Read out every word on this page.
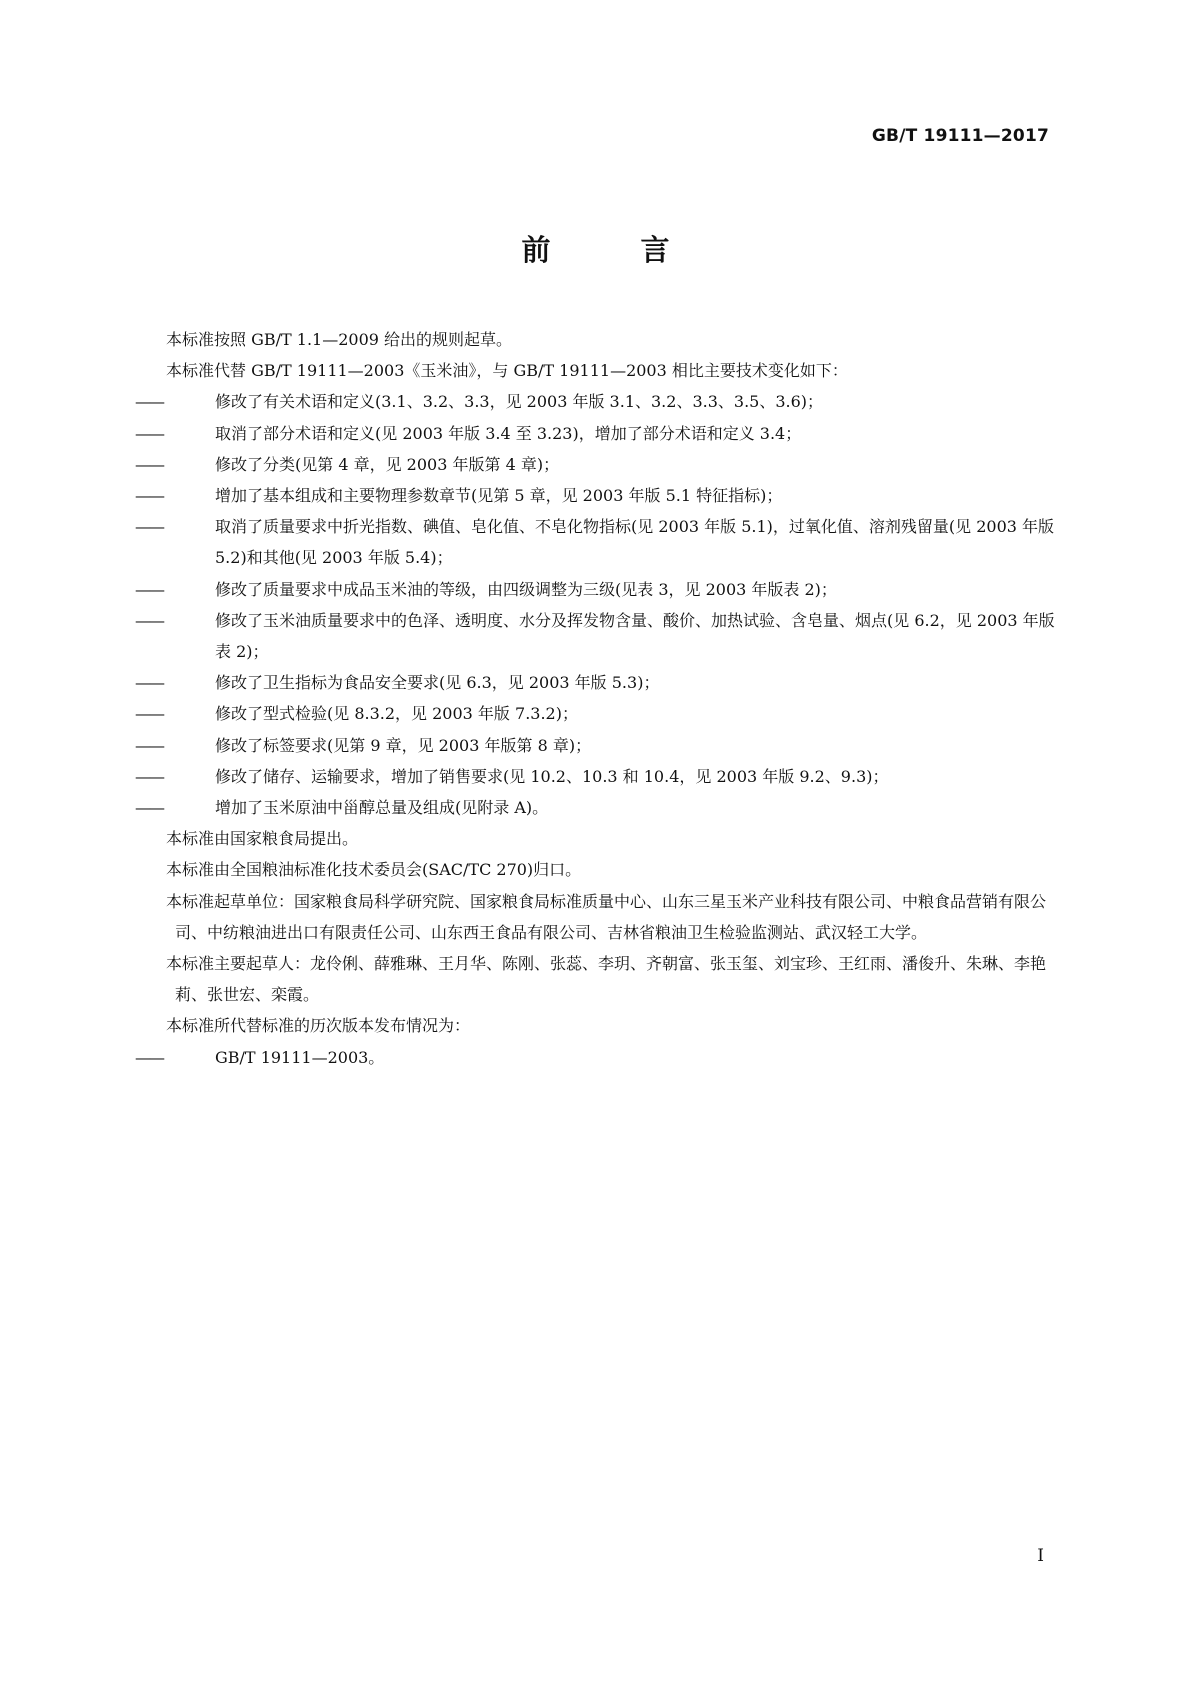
GB/T 19111—2017
前 言

本标准按照 GB/T 1.1—2009 给出的规则起草。

本标准代替 GB/T 19111—2003《玉米油》，与 GB/T 19111—2003 相比主要技术变化如下：

——	修改了有关术语和定义(3.1、3.2、3.3，见 2003 年版 3.1、3.2、3.3、3.5、3.6)；

——	取消了部分术语和定义(见 2003 年版 3.4 至 3.23)，增加了部分术语和定义 3.4；

——	修改了分类(见第 4 章，见 2003 年版第 4 章)；

——	增加了基本组成和主要物理参数章节(见第 5 章，见 2003 年版 5.1 特征指标)；

——	取消了质量要求中折光指数、碘值、皂化值、不皂化物指标(见 2003 年版 5.1)，过氧化值、溶剂残留量(见 2003 年版 5.2)和其他(见 2003 年版 5.4)；

——	修改了质量要求中成品玉米油的等级，由四级调整为三级(见表 3，见 2003 年版表 2)；

——	修改了玉米油质量要求中的色泽、透明度、水分及挥发物含量、酸价、加热试验、含皂量、烟点(见 6.2，见 2003 年版表 2)；

——	修改了卫生指标为食品安全要求(见 6.3，见 2003 年版 5.3)；

——	修改了型式检验(见 8.3.2，见 2003 年版 7.3.2)；

——	修改了标签要求(见第 9 章，见 2003 年版第 8 章)；

——	修改了储存、运输要求，增加了销售要求(见 10.2、10.3 和 10.4，见 2003 年版 9.2、9.3)；

——	增加了玉米原油中甾醇总量及组成(见附录 A)。

本标准由国家粮食局提出。

本标准由全国粮油标准化技术委员会(SAC/TC 270)归口。

本标准起草单位：国家粮食局科学研究院、国家粮食局标准质量中心、山东三星玉米产业科技有限公司、中粮食品营销有限公司、中纺粮油进出口有限责任公司、山东西王食品有限公司、吉林省粮油卫生检验监测站、武汉轻工大学。

本标准主要起草人：龙伶俐、薛雅琳、王月华、陈刚、张蕊、李玥、齐朝富、张玉玺、刘宝珍、王红雨、潘俊升、朱琳、李艳莉、张世宏、栾霞。

本标准所代替标准的历次版本发布情况为：

——	GB/T 19111—2003。

I
